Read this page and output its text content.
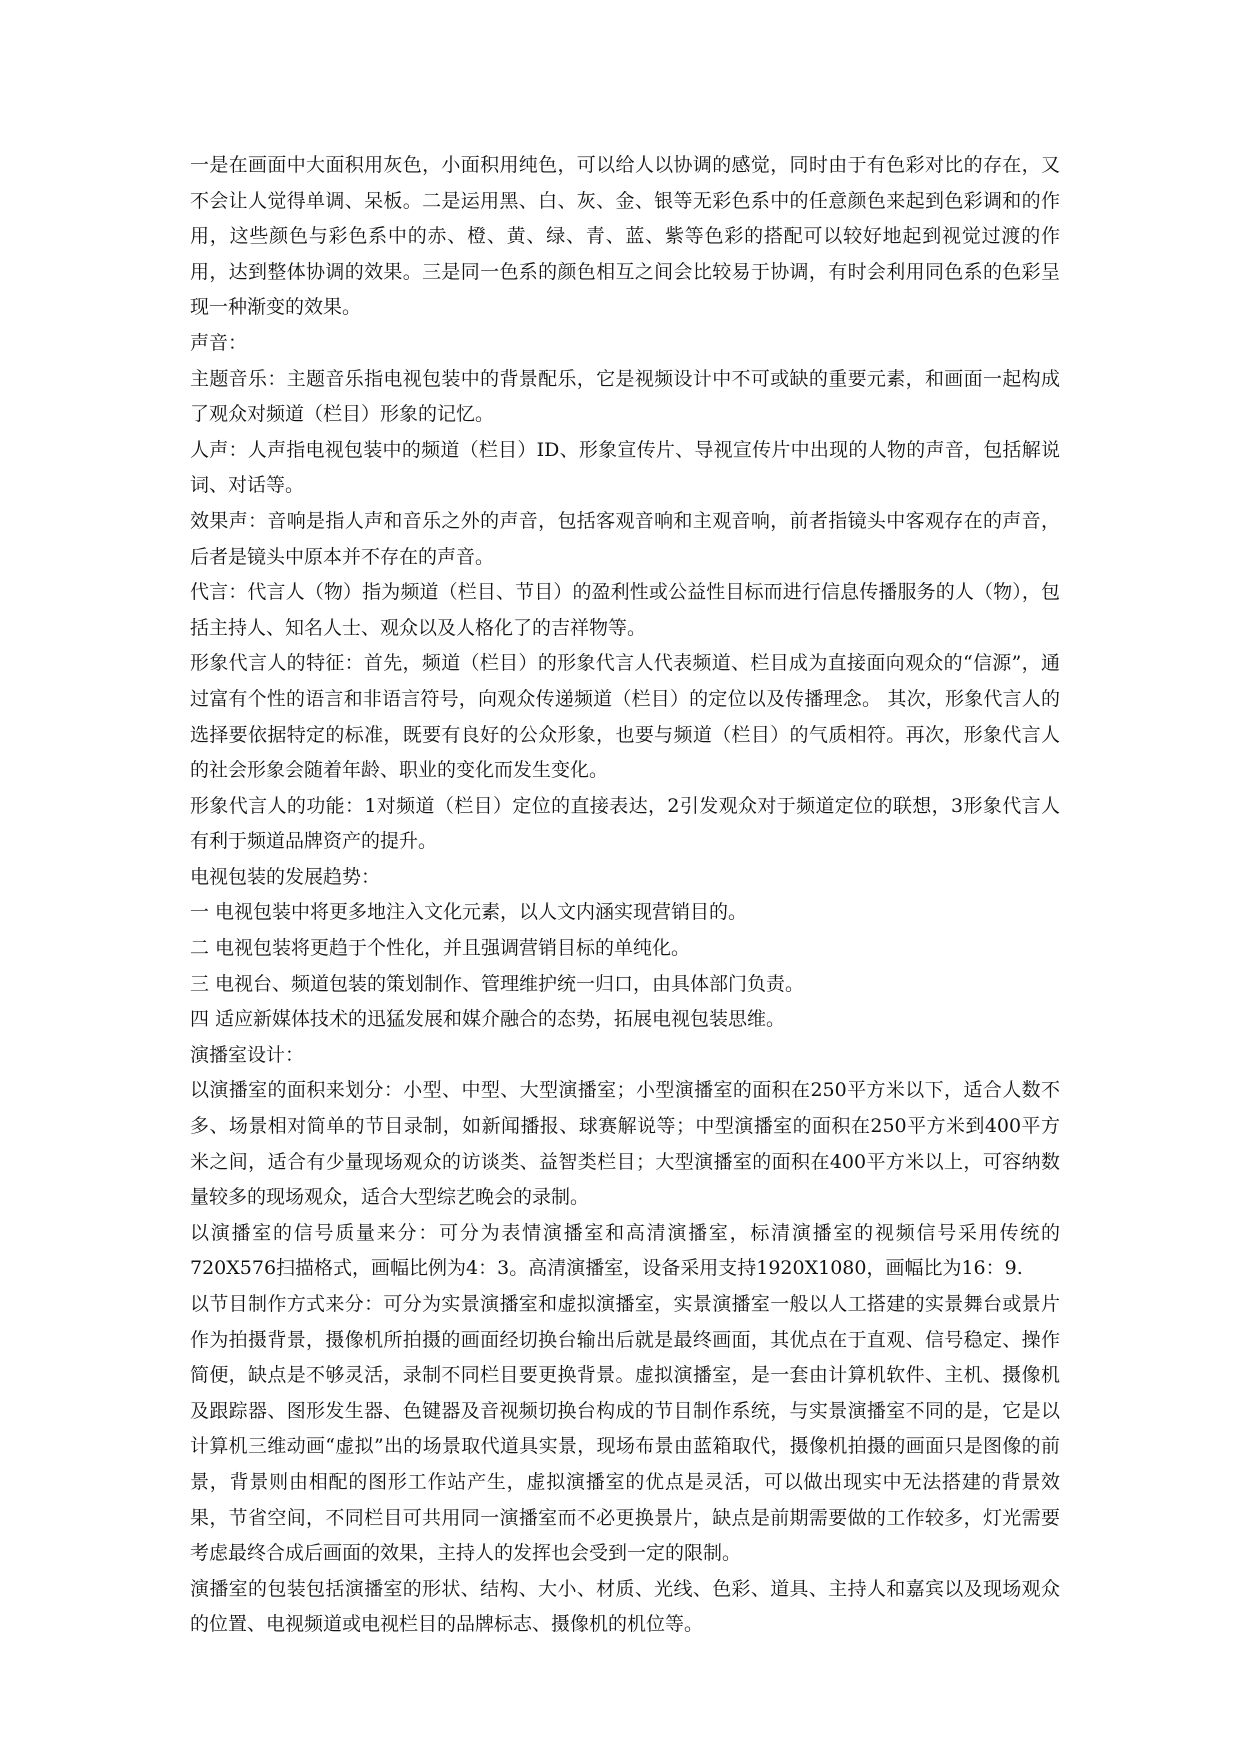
一是在画面中大面积用灰色，小面积用纯色，可以给人以协调的感觉，同时由于有色彩对比的存在，又不会让人觉得单调、呆板。二是运用黑、白、灰、金、银等无彩色系中的任意颜色来起到色彩调和的作用，这些颜色与彩色系中的赤、橙、黄、绿、青、蓝、紫等色彩的搭配可以较好地起到视觉过渡的作用，达到整体协调的效果。三是同一色系的颜色相互之间会比较易于协调，有时会利用同色系的色彩呈现一种渐变的效果。

声音：

主题音乐：主题音乐指电视包装中的背景配乐，它是视频设计中不可或缺的重要元素，和画面一起构成了观众对频道（栏目）形象的记忆。

人声：人声指电视包装中的频道（栏目）ID、形象宣传片、导视宣传片中出现的人物的声音，包括解说词、对话等。

效果声：音响是指人声和音乐之外的声音，包括客观音响和主观音响，前者指镜头中客观存在的声音，后者是镜头中原本并不存在的声音。

代言：代言人（物）指为频道（栏目、节目）的盈利性或公益性目标而进行信息传播服务的人（物），包括主持人、知名人士、观众以及人格化了的吉祥物等。

形象代言人的特征：首先，频道（栏目）的形象代言人代表频道、栏目成为直接面向观众的“信源”，通过富有个性的语言和非语言符号，向观众传递频道（栏目）的定位以及传播理念。 其次，形象代言人的选择要依据特定的标准，既要有良好的公众形象，也要与频道（栏目）的气质相符。再次，形象代言人的社会形象会随着年龄、职业的变化而发生变化。

形象代言人的功能：1对频道（栏目）定位的直接表达，2引发观众对于频道定位的联想，3形象代言人有利于频道品牌资产的提升。

电视包装的发展趋势：

一 电视包装中将更多地注入文化元素，以人文内涵实现营销目的。

二 电视包装将更趋于个性化，并且强调营销目标的单纯化。

三 电视台、频道包装的策划制作、管理维护统一归口，由具体部门负责。

四 适应新媒体技术的迅猛发展和媒介融合的态势，拓展电视包装思维。

演播室设计：

以演播室的面积来划分：小型、中型、大型演播室；小型演播室的面积在250平方米以下，适合人数不多、场景相对简单的节目录制，如新闻播报、球赛解说等；中型演播室的面积在250平方米到400平方米之间，适合有少量现场观众的访谈类、益智类栏目；大型演播室的面积在400平方米以上，可容纳数量较多的现场观众，适合大型综艺晚会的录制。

以演播室的信号质量来分：可分为表情演播室和高清演播室，标清演播室的视频信号采用传统的720X576扫描格式，画幅比例为4：3。高清演播室，设备采用支持1920X1080，画幅比为16：9.

以节目制作方式来分：可分为实景演播室和虚拟演播室，实景演播室一般以人工搭建的实景舞台或景片作为拍摄背景，摄像机所拍摄的画面经切换台输出后就是最终画面，其优点在于直观、信号稳定、操作简便，缺点是不够灵活，录制不同栏目要更换背景。虚拟演播室，是一套由计算机软件、主机、摄像机及跟踪器、图形发生器、色键器及音视频切换台构成的节目制作系统，与实景演播室不同的是，它是以计算机三维动画“虚拟”出的场景取代道具实景，现场布景由蓝箱取代，摄像机拍摄的画面只是图像的前景，背景则由相配的图形工作站产生，虚拟演播室的优点是灵活，可以做出现实中无法搭建的背景效果，节省空间，不同栏目可共用同一演播室而不必更换景片，缺点是前期需要做的工作较多，灯光需要考虑最终合成后画面的效果，主持人的发挥也会受到一定的限制。

演播室的包装包括演播室的形状、结构、大小、材质、光线、色彩、道具、主持人和嘉宾以及现场观众的位置、电视频道或电视栏目的品牌标志、摄像机的机位等。
